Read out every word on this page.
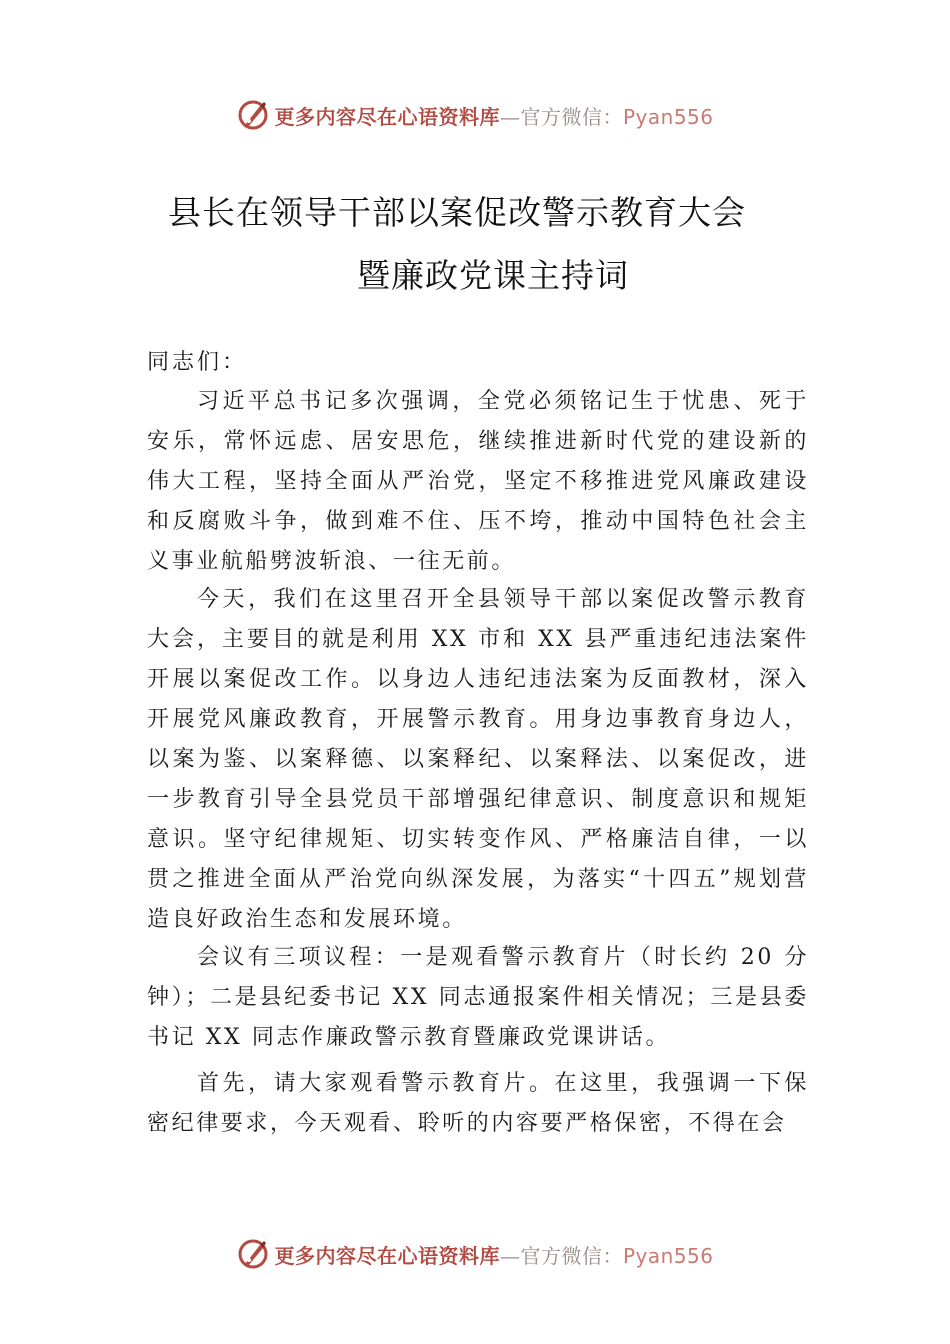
更多内容尽在心语资料库—官方微信：Pyan556
县长在领导干部以案促改警示教育大会
暨廉政党课主持词
同志们：

习近平总书记多次强调，全党必须铭记生于忧患、死于安乐，常怀远虑、居安思危，继续推进新时代党的建设新的伟大工程，坚持全面从严治党，坚定不移推进党风廉政建设和反腐败斗争，做到难不住、压不垮，推动中国特色社会主义事业航船劈波斩浪、一往无前。

今天，我们在这里召开全县领导干部以案促改警示教育大会，主要目的就是利用 XX 市和 XX 县严重违纪违法案件开展以案促改工作。以身边人违纪违法案为反面教材，深入开展党风廉政教育，开展警示教育。用身边事教育身边人， 以案为鉴、以案释德、以案释纪、以案释法、以案促改，进一步教育引导全县党员干部增强纪律意识、制度意识和规矩意识。坚守纪律规矩、切实转变作风、严格廉洁自律，一以贯之推进全面从严治党向纵深发展，为落实“十四五”规划营造良好政治生态和发展环境。

会议有三项议程：一是观看警示教育片（时长约 20 分钟）；二是县纪委书记 XX 同志通报案件相关情况；三是县委书记 XX 同志作廉政警示教育暨廉政党课讲话。

首先，请大家观看警示教育片。在这里，我强调一下保密纪律要求，今天观看、聆听的内容要严格保密，不得在会

更多内容尽在心语资料库—官方微信：Pyan556
